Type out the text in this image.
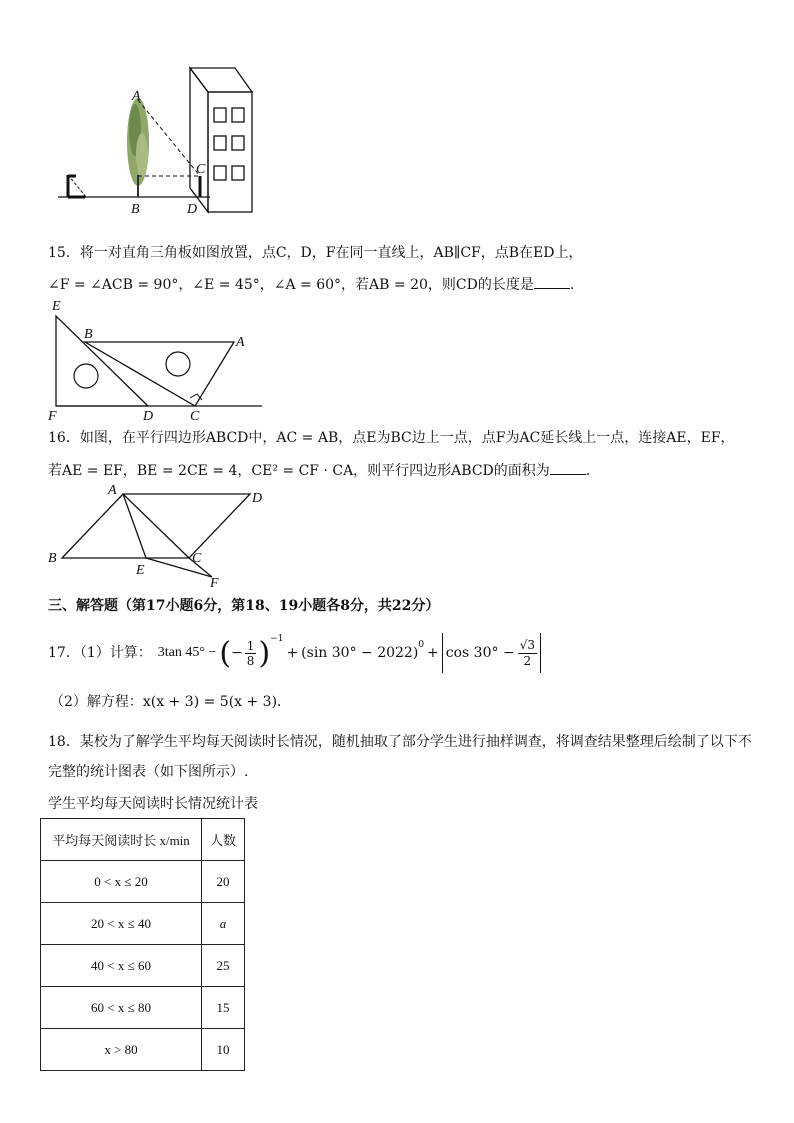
A
B
C
D
15．将一对直角三角板如图放置，点C，D，F在同一直线上，AB∥CF，点B在ED上，
∠F = ∠ACB = 90°，∠E = 45°，∠A = 60°，若AB = 20，则CD的长度是	.
E
B
A
F	D	C
16．如图，在平行四边形ABCD中，AC = AB，点E为BC边上一点，点F为AC延长线上一点，连接AE，EF，
若AE = EF，BE = 2CE = 4，CE² = CF · CA，则平行四边形ABCD的面积为	.
A
D
B	C
E
F
三、解答题（第17小题6分，第18、19小题各8分，共22分）
17．（1）计算： 3tan 45° − ( − $\frac{1}{8} )^{-1}$
+ ( sin 30° − 2022 )$^0 + \cos 30^\circ - \frac{√3}{2}$
（2）解方程：x(x + 3) = 5(x + 3)．
18．某校为了解学生平均每天阅读时长情况，随机抽取了部分学生进行抽样调查，将调查结果整理后绘制了以下不
完整的统计图表（如下图所示）.
学生平均每天阅读时长情况统计表
平均每天阅读时长 x/min	人数
0 < x ≤ 20	20
20 < x ≤ 40	a
40 < x ≤ 60	25
60 < x ≤ 80	15
x > 80	10
